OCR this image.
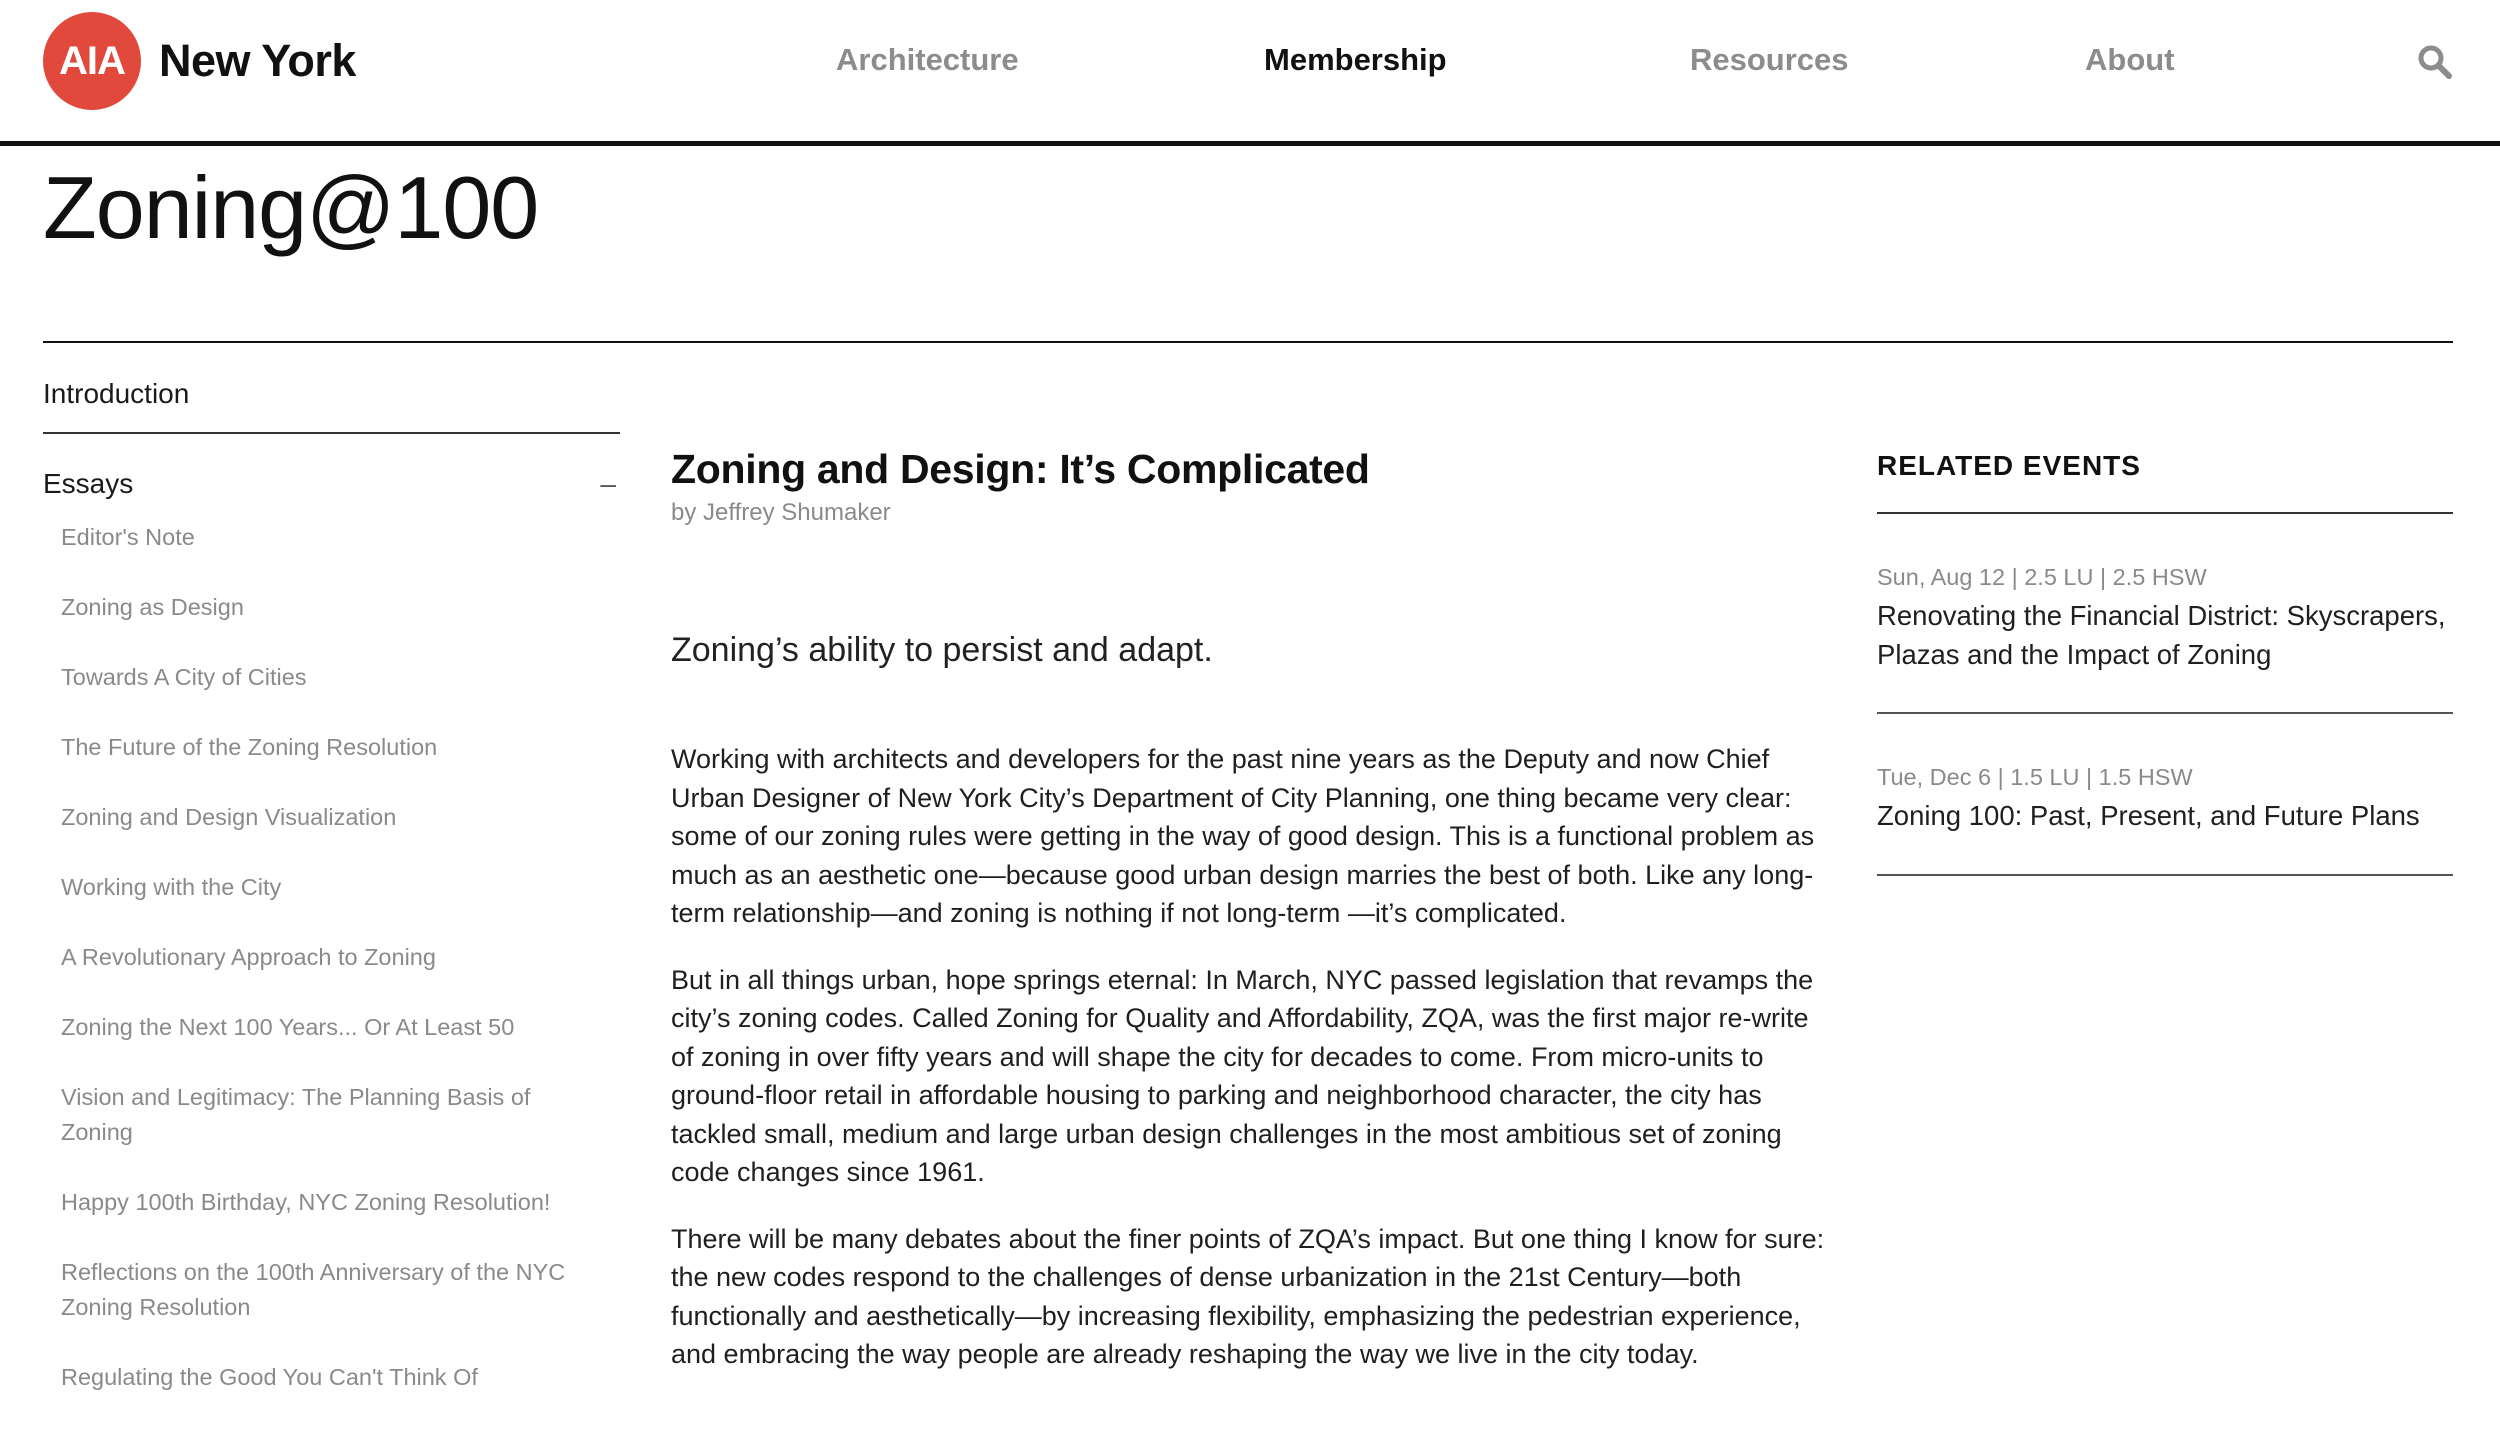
AIA New York	Architecture	Membership	Resources	About
Zoning@100
Introduction
Essays	–
Editor's Note
Zoning as Design
Towards A City of Cities
The Future of the Zoning Resolution
Zoning and Design Visualization
Working with the City
A Revolutionary Approach to Zoning
Zoning the Next 100 Years... Or At Least 50
Vision and Legitimacy: The Planning Basis of Zoning
Happy 100th Birthday, NYC Zoning Resolution!
Reflections on the 100th Anniversary of the NYC Zoning Resolution
Regulating the Good You Can't Think Of
Zoning and Design: It’s Complicated
by Jeffrey Shumaker
Zoning’s ability to persist and adapt.

Working with architects and developers for the past nine years as the Deputy and now Chief Urban Designer of New York City’s Department of City Planning, one thing became very clear: some of our zoning rules were getting in the way of good design. This is a functional problem as much as an aesthetic one—because good urban design marries the best of both. Like any long-term relationship—and zoning is nothing if not long-term —it’s complicated.

But in all things urban, hope springs eternal: In March, NYC passed legislation that revamps the city’s zoning codes. Called Zoning for Quality and Affordability, ZQA, was the first major re-write of zoning in over fifty years and will shape the city for decades to come. From micro-units to ground-floor retail in affordable housing to parking and neighborhood character, the city has tackled small, medium and large urban design challenges in the most ambitious set of zoning code changes since 1961.

There will be many debates about the finer points of ZQA’s impact. But one thing I know for sure: the new codes respond to the challenges of dense urbanization in the 21st Century—both functionally and aesthetically—by increasing flexibility, emphasizing the pedestrian experience, and embracing the way people are already reshaping the way we live in the city today.

RELATED EVENTS
Sun, Aug 12 | 2.5 LU | 2.5 HSW
Renovating the Financial District: Skyscrapers, Plazas and the Impact of Zoning
Tue, Dec 6 | 1.5 LU | 1.5 HSW
Zoning 100: Past, Present, and Future Plans
